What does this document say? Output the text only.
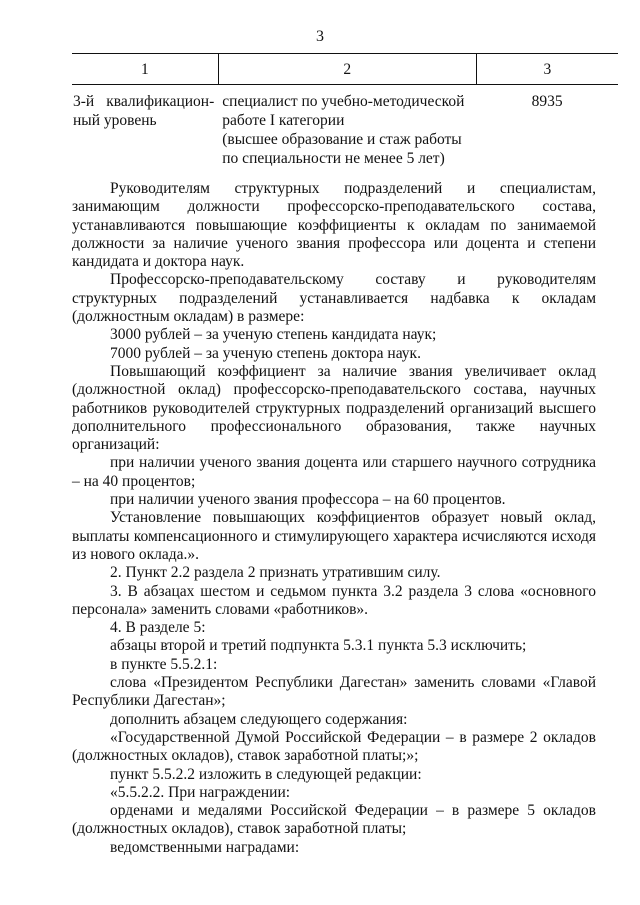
3
1	2	3

3-й квалификацион-
ный уровень	специалист по учебно-методической
работе I категории
(высшее образование и стаж работы
по специальности не менее 5 лет)	8935

Руководителям структурных подразделений и специалистам, занимающим должности профессорско-преподавательского состава, устанавливаются повышающие коэффициенты к окладам по занимаемой должности за наличие ученого звания профессора или доцента и степени кандидата и доктора наук.

Профессорско-преподавательскому составу и руководителям структурных подразделений устанавливается надбавка к окладам (должностным окладам) в размере:

3000 рублей – за ученую степень кандидата наук;

7000 рублей – за ученую степень доктора наук.

Повышающий коэффициент за наличие звания увеличивает оклад (должностной оклад) профессорско-преподавательского состава, научных работников руководителей структурных подразделений организаций высшего дополнительного профессионального образования, также научных организаций:

при наличии ученого звания доцента или старшего научного сотрудника – на 40 процентов;

при наличии ученого звания профессора – на 60 процентов.

Установление повышающих коэффициентов образует новый оклад, выплаты компенсационного и стимулирующего характера исчисляются исходя из нового оклада.».

2. Пункт 2.2 раздела 2 признать утратившим силу.

3. В абзацах шестом и седьмом пункта 3.2 раздела 3 слова «основного персонала» заменить словами «работников».

4. В разделе 5:

абзацы второй и третий подпункта 5.3.1 пункта 5.3 исключить;

в пункте 5.5.2.1:

слова «Президентом Республики Дагестан» заменить словами «Главой Республики Дагестан»;

дополнить абзацем следующего содержания:

«Государственной Думой Российской Федерации – в размере 2 окладов (должностных окладов), ставок заработной платы;»;

пункт 5.5.2.2 изложить в следующей редакции:

«5.5.2.2. При награждении:

орденами и медалями Российской Федерации – в размере 5 окладов (должностных окладов), ставок заработной платы;

ведомственными наградами:
